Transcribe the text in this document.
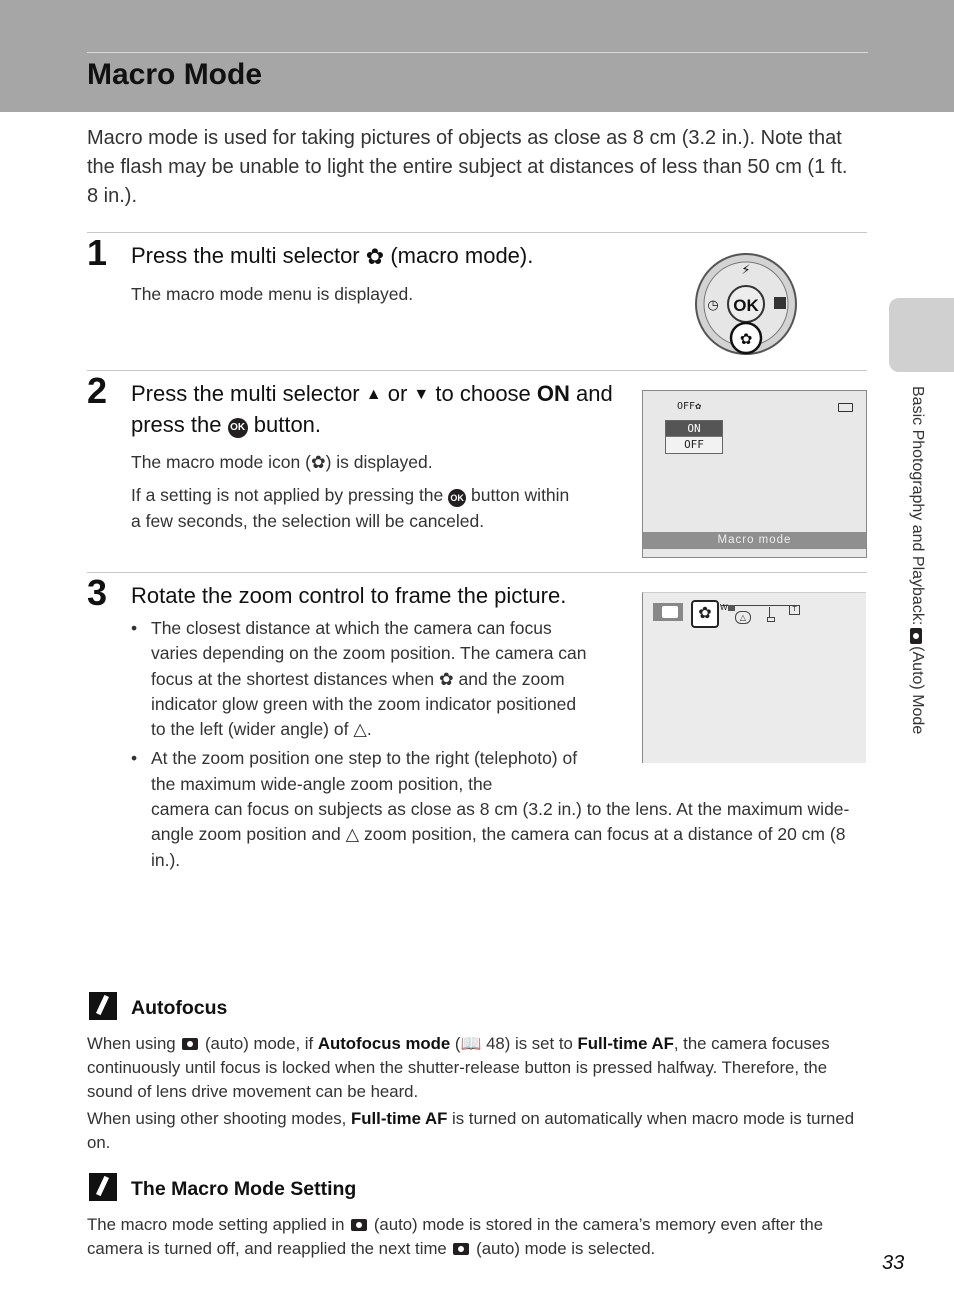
Macro Mode
Macro mode is used for taking pictures of objects as close as 8 cm (3.2 in.). Note that the flash may be unable to light the entire subject at distances of less than 50 cm (1 ft. 8 in.).
1 Press the multi selector ✿ (macro mode).
The macro mode menu is displayed.
OK
⚡
◷
✿
2 Press the multi selector ▲ or ▼ to choose ON and press the OK button.
The macro mode icon (✿) is displayed.
If a setting is not applied by pressing the OK button within a few seconds, the selection will be canceled.
OFF✿
ON
OFF
Macro mode
3 Rotate the zoom control to frame the picture.
• The closest distance at which the camera can focus varies depending on the zoom position. The camera can focus at the shortest distances when ✿ and the zoom indicator glow green with the zoom indicator positioned to the left (wider angle) of △.
• At the zoom position one step to the right (telephoto) of the maximum wide-angle zoom position, the
camera can focus on subjects as close as 8 cm (3.2 in.) to the lens. At the maximum wide-angle zoom position and △ zoom position, the camera can focus at a distance of 20 cm (8 in.).
✿	W	T
△	Basic Photography and Playback:  (Auto) Mode
Autofocus
When using (auto) mode, if Autofocus mode (📖 48) is set to Full-time AF, the camera focuses continuously until focus is locked when the shutter-release button is pressed halfway. Therefore, the sound of lens drive movement can be heard.
When using other shooting modes, Full-time AF is turned on automatically when macro mode is turned on.
The Macro Mode Setting
The macro mode setting applied in (auto) mode is stored in the camera’s memory even after the camera is turned off, and reapplied the next time (auto) mode is selected.
33
